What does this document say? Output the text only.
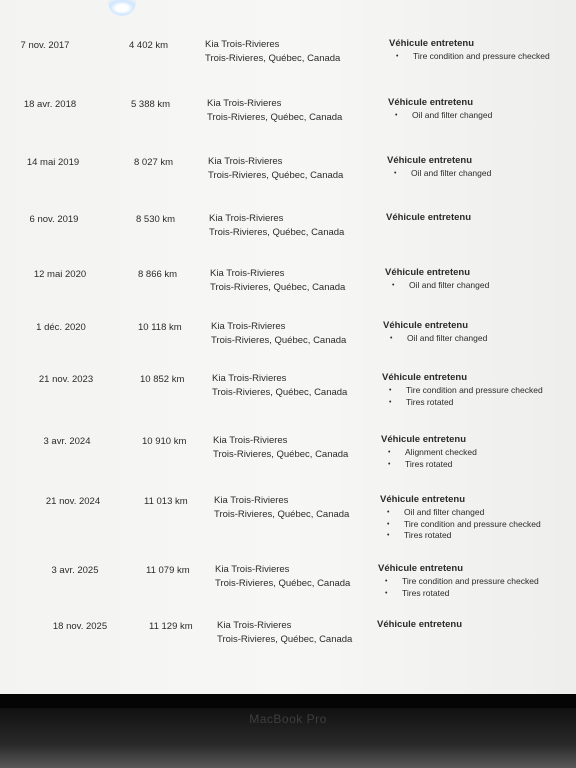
7 nov. 2017	4 402 km	Kia Trois-Rivieres
Trois-Rivieres, Québec, Canada
Véhicule entretenu
• Tire condition and pressure checked
18 avr. 2018	5 388 km	Kia Trois-Rivieres
Trois-Rivieres, Québec, Canada
Véhicule entretenu
• Oil and filter changed
14 mai 2019	8 027 km	Kia Trois-Rivieres
Trois-Rivieres, Québec, Canada
Véhicule entretenu
• Oil and filter changed
6 nov. 2019	8 530 km	Kia Trois-Rivieres
Trois-Rivieres, Québec, Canada
Véhicule entretenu
12 mai 2020	8 866 km	Kia Trois-Rivieres
Trois-Rivieres, Québec, Canada
Véhicule entretenu
• Oil and filter changed
1 déc. 2020	10 118 km	Kia Trois-Rivieres
Trois-Rivieres, Québec, Canada
Véhicule entretenu
• Oil and filter changed
21 nov. 2023	10 852 km	Kia Trois-Rivieres
Trois-Rivieres, Québec, Canada
Véhicule entretenu
• Tire condition and pressure checked
• Tires rotated
3 avr. 2024	10 910 km	Kia Trois-Rivieres
Trois-Rivieres, Québec, Canada
Véhicule entretenu
• Alignment checked
• Tires rotated
21 nov. 2024	11 013 km	Kia Trois-Rivieres
Trois-Rivieres, Québec, Canada
Véhicule entretenu
• Oil and filter changed
• Tire condition and pressure checked
• Tires rotated
3 avr. 2025	11 079 km	Kia Trois-Rivieres
Trois-Rivieres, Québec, Canada
Véhicule entretenu
• Tire condition and pressure checked
• Tires rotated
18 nov. 2025	11 129 km	Kia Trois-Rivieres
Trois-Rivieres, Québec, Canada
Véhicule entretenu
MacBook Pro
